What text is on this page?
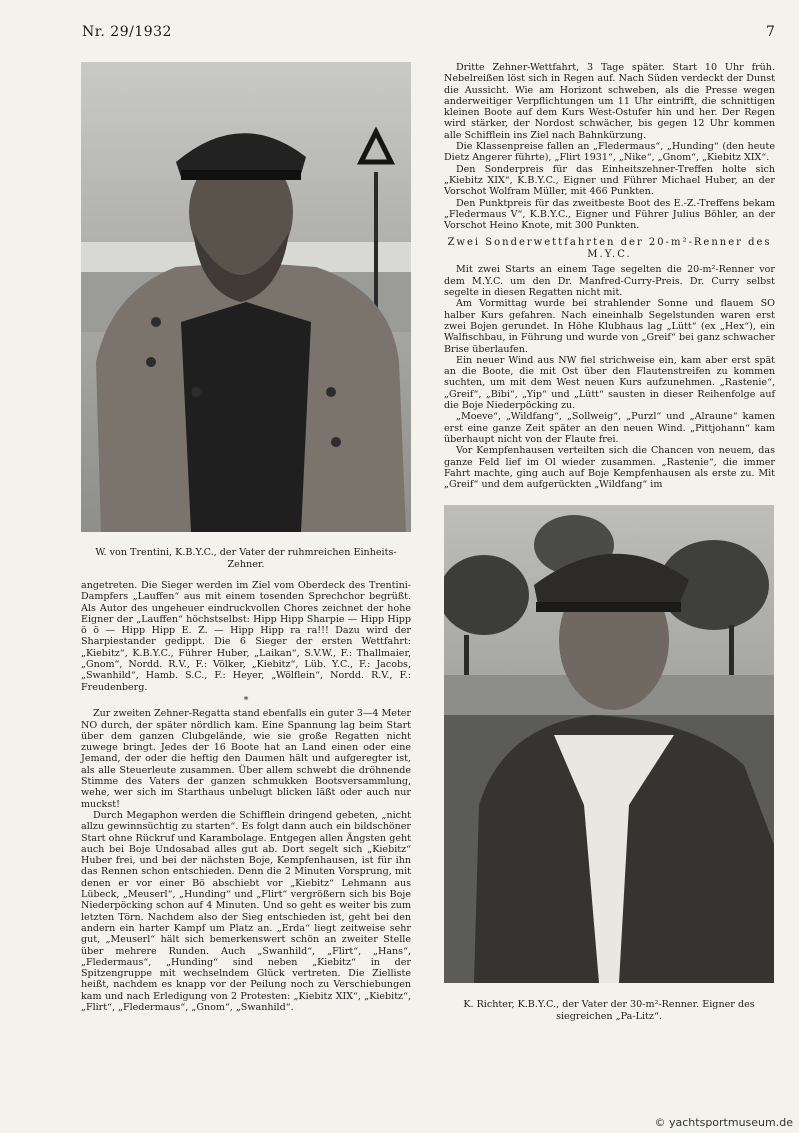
Nr. 29/1932	7
W. von Trentini, K.B.Y.C., der Vater der ruhmreichen Einheits-Zehner.

angetreten. Die Sieger werden im Ziel vom Oberdeck des Trentini-Dampfers „Lauffen“ aus mit einem tosenden Sprechchor begrüßt. Als Autor des ungeheuer eindruckvollen Chores zeichnet der hohe Eigner der „Lauffen“ höchstselbst: Hipp Hipp Sharpie — Hipp Hipp ö ö — Hipp Hipp E. Z. — Hipp Hipp ra ra!!! Dazu wird der Sharpiestander gedippt. Die 6 Sieger der ersten Wettfahrt: „Kiebitz“, K.B.Y.C., Führer Huber, „Laikan“, S.V.W., F.: Thallmaier, „Gnom“, Nordd. R.V., F.: Völker, „Kiebitz“, Lüb. Y.C., F.: Jacobs, „Swanhild“, Hamb. S.C., F.: Heyer, „Wölflein“, Nordd. R.V., F.: Freudenberg.

*

Zur zweiten Zehner-Regatta stand ebenfalls ein guter 3—4 Meter NO durch, der später nördlich kam. Eine Spannung lag beim Start über dem ganzen Clubgelände, wie sie große Regatten nicht zuwege bringt. Jedes der 16 Boote hat an Land einen oder eine Jemand, der oder die heftig den Daumen hält und aufgeregter ist, als alle Steuerleute zusammen. Über allem schwebt die dröhnende Stimme des Vaters der ganzen schmukken Bootsversammlung, wehe, wer sich im Starthaus unbelugt blicken läßt oder auch nur muckst!

Durch Megaphon werden die Schifflein dringend gebeten, „nicht allzu gewinnsüchtig zu starten“. Es folgt dann auch ein bildschöner Start ohne Rückruf und Karambolage. Entgegen allen Ängsten geht auch bei Boje Undosabad alles gut ab. Dort segelt sich „Kiebitz“ Huber frei, und bei der nächsten Boje, Kempfenhausen, ist für ihn das Rennen schon entschieden. Denn die 2 Minuten Vorsprung, mit denen er vor einer Bö abschiebt vor „Kiebitz“ Lehmann aus Lübeck, „Meuserl“, „Hunding“ und „Flirt“ vergrößern sich bis Boje Niederpöcking schon auf 4 Minuten. Und so geht es weiter bis zum letzten Törn. Nachdem also der Sieg entschieden ist, geht bei den andern ein harter Kampf um Platz an. „Erda“ liegt zeitweise sehr gut, „Meuserl“ hält sich bemerkenswert schön an zweiter Stelle über mehrere Runden. Auch „Swanhild“, „Flirt“, „Hans“, „Fledermaus“, „Hunding“ sind neben „Kiebitz“ in der Spitzengruppe mit wechselndem Glück vertreten. Die Zielliste heißt, nachdem es knapp vor der Peilung noch zu Verschiebungen kam und nach Erledigung von 2 Protesten: „Kiebitz XIX“, „Kiebitz“, „Flirt“, „Fledermaus“, „Gnom“, „Swanhild“.

Dritte Zehner-Wettfahrt, 3 Tage später. Start 10 Uhr früh. Nebelreißen löst sich in Regen auf. Nach Süden verdeckt der Dunst die Aussicht. Wie am Horizont schweben, als die Presse wegen anderweitiger Verpflichtungen um 11 Uhr eintrifft, die schnittigen kleinen Boote auf dem Kurs West-Ostufer hin und her. Der Regen wird stärker, der Nordost schwächer, bis gegen 12 Uhr kommen alle Schifflein ins Ziel nach Bahnkürzung.

Die Klassenpreise fallen an „Fledermaus“, „Hunding“ (den heute Dietz Angerer führte), „Flirt 1931“, „Nike“, „Gnom“, „Kiebitz XIX“.

Den Sonderpreis für das Einheitszehner-Treffen holte sich „Kiebitz XIX“, K.B.Y.C., Eigner und Führer Michael Huber, an der Vorschot Wolfram Müller, mit 466 Punkten.

Den Punktpreis für das zweitbeste Boot des E.-Z.-Treffens bekam „Fledermaus V“, K.B.Y.C., Eigner und Führer Julius Böhler, an der Vorschot Heino Knote, mit 300 Punkten.

Zwei Sonderwettfahrten der 20-m²-Renner des M.Y.C.

Mit zwei Starts an einem Tage segelten die 20-m²-Renner vor dem M.Y.C. um den Dr. Manfred-Curry-Preis. Dr. Curry selbst segelte in diesen Regatten nicht mit.

Am Vormittag wurde bei strahlender Sonne und flauem SO halber Kurs gefahren. Nach eineinhalb Segelstunden waren erst zwei Bojen gerundet. In Höhe Klubhaus lag „Lütt“ (ex „Hex“), ein Walfischbau, in Führung und wurde von „Greif“ bei ganz schwacher Brise überlaufen.

Ein neuer Wind aus NW fiel strichweise ein, kam aber erst spät an die Boote, die mit Ost über den Flautenstreifen zu kommen suchten, um mit dem West neuen Kurs aufzunehmen. „Rastenie“, „Greif“, „Bibi“, „Yip“ und „Lütt“ sausten in dieser Reihenfolge auf die Boje Niederpöcking zu.

„Moeve“, „Wildfang“, „Sollweig“, „Purzl“ und „Alraune“ kamen erst eine ganze Zeit später an den neuen Wind. „Pittjohann“ kam überhaupt nicht von der Flaute frei.

Vor Kempfenhausen verteilten sich die Chancen von neuem, das ganze Feld lief im Ol wieder zusammen. „Rastenie“, die immer Fahrt machte, ging auch auf Boje Kempfenhausen als erste zu. Mit „Greif“ und dem aufgerückten „Wildfang“ im

K. Richter, K.B.Y.C., der Vater der 30-m²-Renner. Eigner des siegreichen „Pa-Litz“.
© yachtsportmuseum.de
